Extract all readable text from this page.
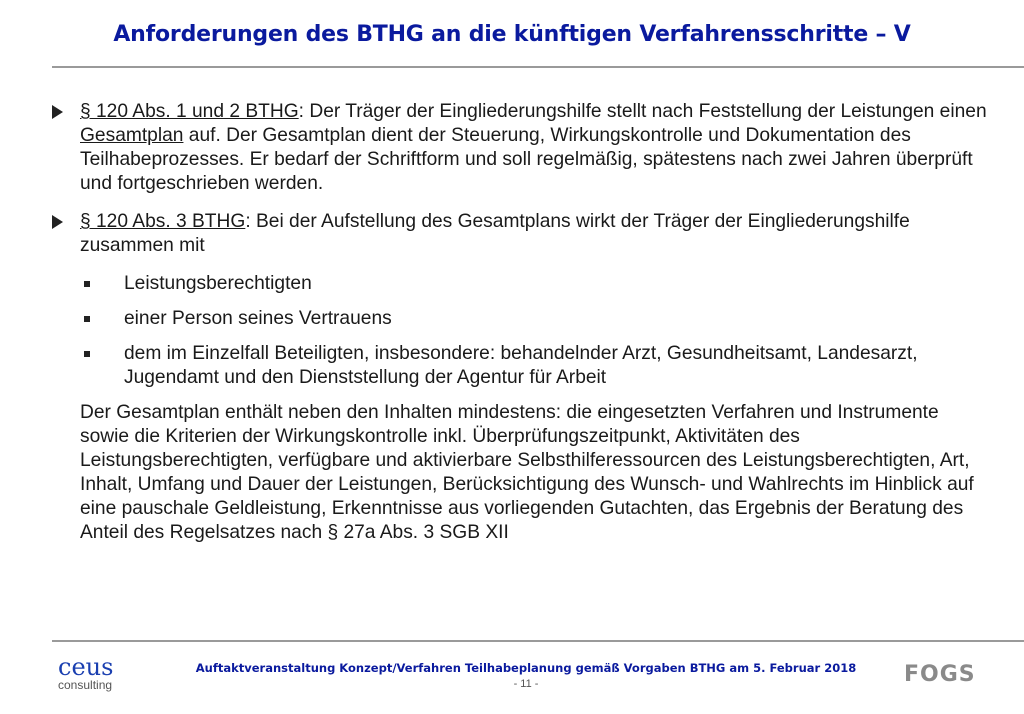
Anforderungen des BTHG an die künftigen Verfahrensschritte – V
§ 120 Abs. 1 und 2 BTHG: Der Träger der Eingliederungshilfe stellt nach Feststellung der Leistungen einen Gesamtplan auf. Der Gesamtplan dient der Steuerung, Wirkungskontrolle und Dokumentation des Teilhabeprozesses. Er bedarf der Schriftform und soll regelmäßig, spätestens nach zwei Jahren überprüft und fortgeschrieben werden.
§ 120 Abs. 3 BTHG: Bei der Aufstellung des Gesamtplans wirkt der Träger der Eingliederungshilfe zusammen mit
Leistungsberechtigten
einer Person seines Vertrauens
dem im Einzelfall Beteiligten, insbesondere: behandelnder Arzt, Gesundheitsamt, Landesarzt, Jugendamt und den Dienststellung der Agentur für Arbeit
Der Gesamtplan enthält neben den Inhalten mindestens: die eingesetzten Verfahren und Instrumente sowie die Kriterien der Wirkungskontrolle inkl. Überprüfungszeitpunkt, Aktivitäten des Leistungsberechtigten, verfügbare und aktivierbare Selbsthilferessourcen des Leistungsberechtigten, Art, Inhalt, Umfang und Dauer der Leistungen, Berücksichtigung des Wunsch- und Wahlrechts im Hinblick auf eine pauschale Geldleistung, Erkenntnisse aus vorliegenden Gutachten, das Ergebnis der Beratung des Anteil des Regelsatzes nach § 27a Abs. 3 SGB XII
ceus
consulting
Auftaktveranstaltung Konzept/Verfahren Teilhabeplanung gemäß Vorgaben BTHG am 5. Februar 2018
- 11 -	FOGS
